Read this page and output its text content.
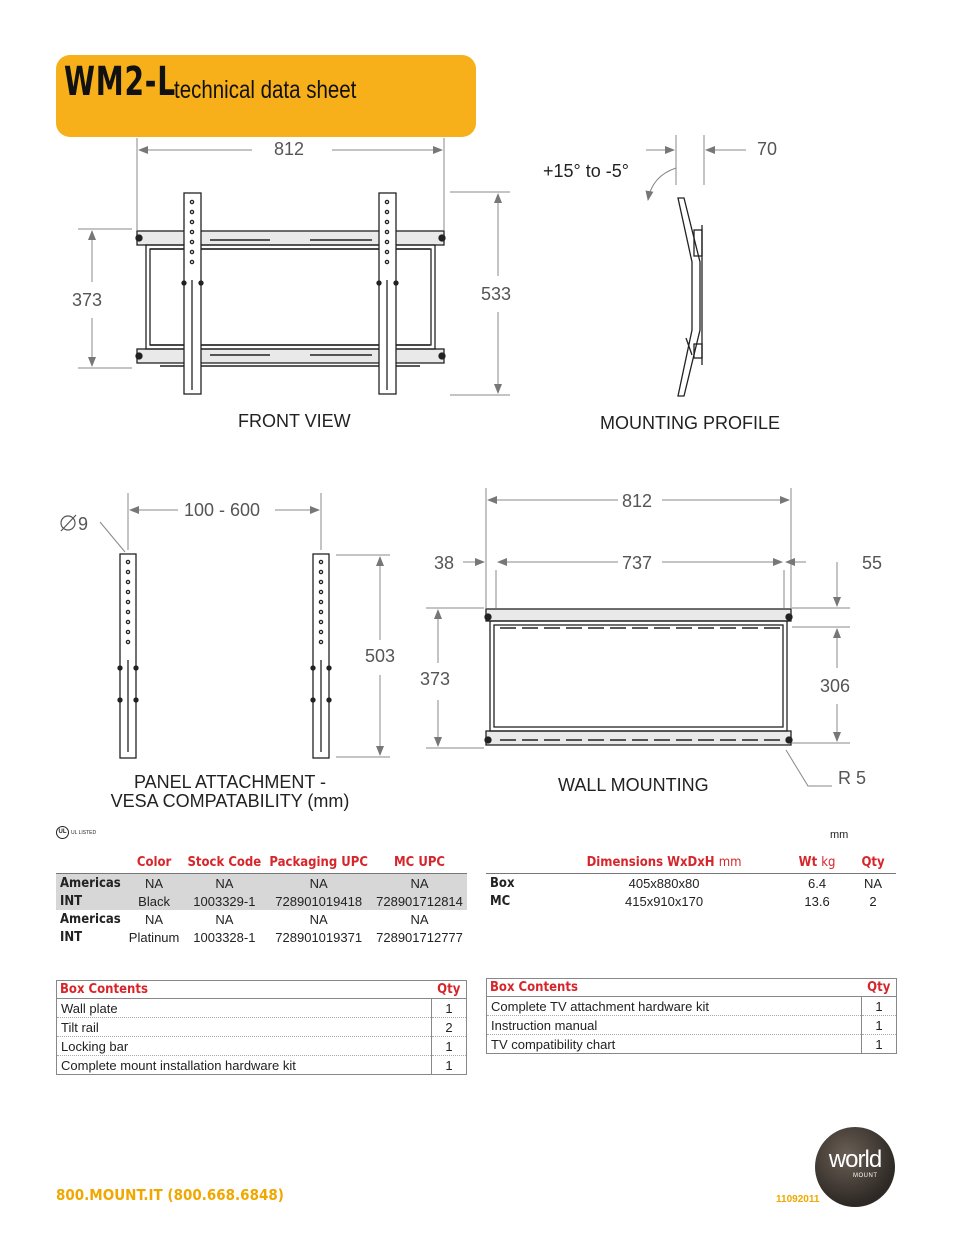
WM2-L
technical data sheet
812
373	533
70
+15° to -5°
9
100 - 600
503
812
737
38	55
373	306
R 5
FRONT VIEW	MOUNTING PROFILE
PANEL ATTACHMENT -
VESA COMPATABILITY (mm)
WALL MOUNTING
UL UL LISTED	mm
	Color	Stock Code	Packaging UPC	MC UPC
Americas	NA	NA	NA	NA
INT	Black	1003329-1	728901019418	728901712814
Americas	NA	NA	NA	NA
INT	Platinum	1003328-1	728901019371	728901712777
	Dimensions WxDxH mm	Wt kg	Qty
Box	405x880x80	6.4	NA
MC	415x910x170	13.6	2
Box Contents	Qty
Wall plate	1
Tilt rail	2
Locking bar	1
Complete mount installation hardware kit	1
Box Contents	Qty
Complete TV attachment hardware kit	1
Instruction manual	1
TV compatibility chart	1
800.MOUNT.IT (800.668.6848)	11092011
world
MOUNT
